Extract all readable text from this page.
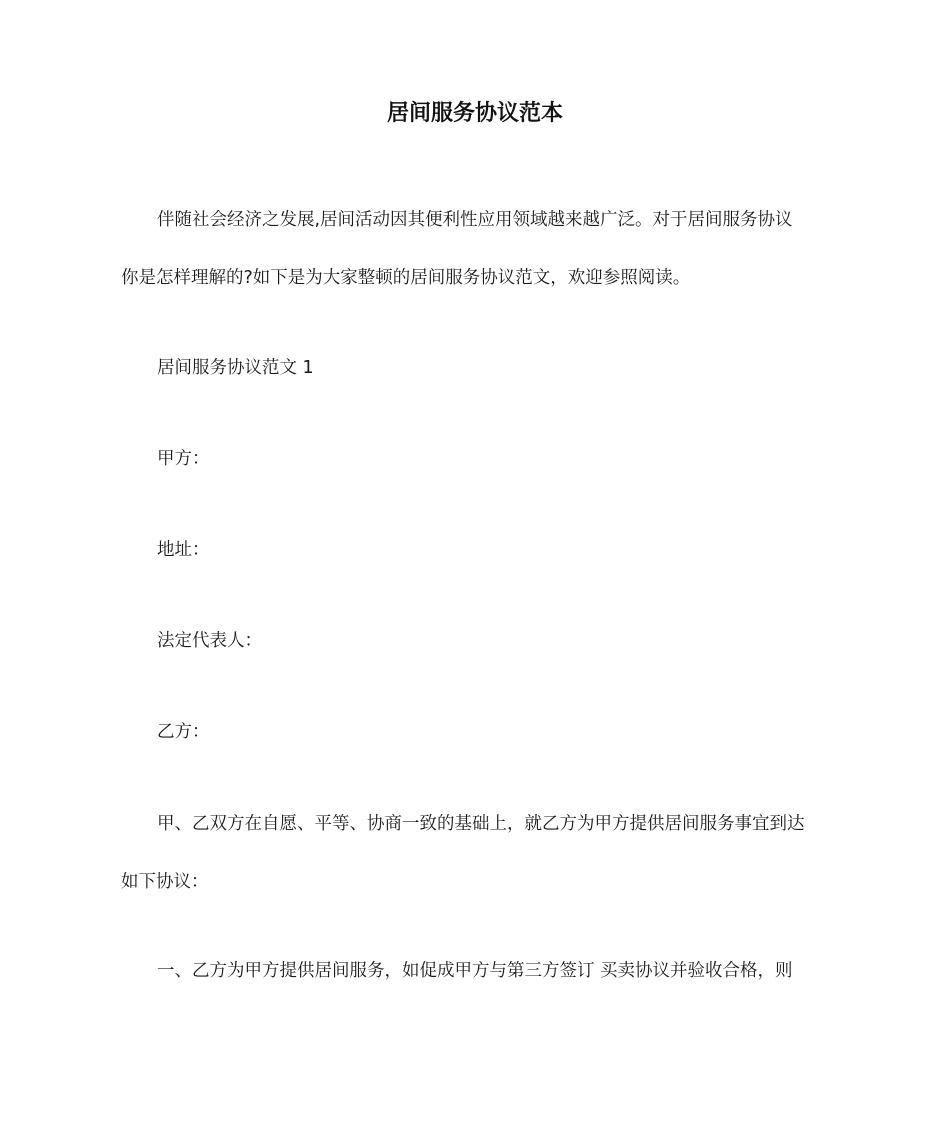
居间服务协议范本
伴随社会经济之发展,居间活动因其便利性应用领域越来越广泛。对于居间服务协议
你是怎样理解的?如下是为大家整顿的居间服务协议范文，欢迎参照阅读。
居间服务协议范文 1
甲方：
地址：
法定代表人：
乙方：
甲、乙双方在自愿、平等、协商一致的基础上，就乙方为甲方提供居间服务事宜到达
如下协议：
一、乙方为甲方提供居间服务，如促成甲方与第三方签订 买卖协议并验收合格，则
